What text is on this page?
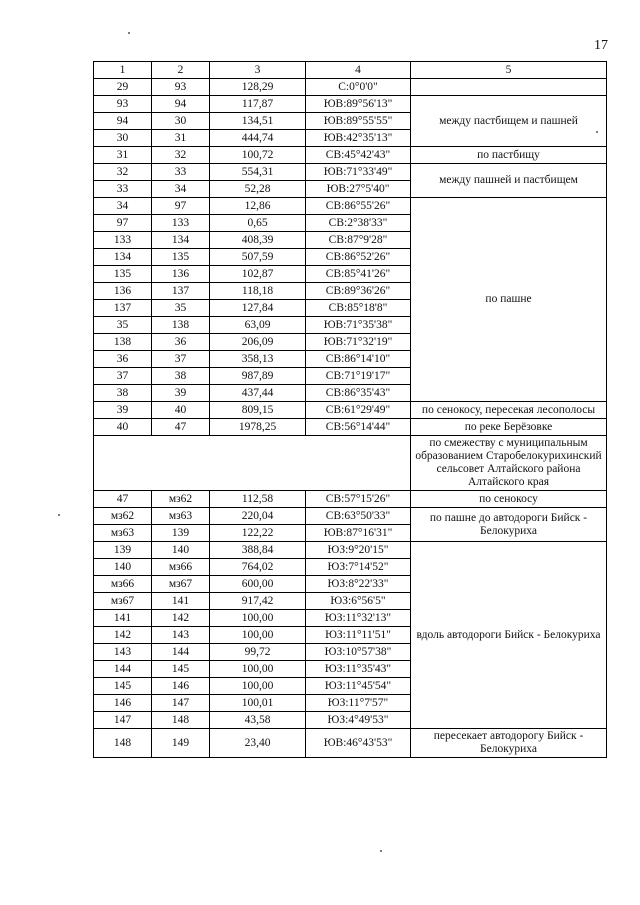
17
1	2	3	4	5
29	93	128,29	С:0°0'0"	
93	94	117,87	ЮВ:89°56'13"	между пастбищем и пашней
94	30	134,51	ЮВ:89°55'55"	
30	31	444,74	ЮВ:42°35'13"	
31	32	100,72	СВ:45°42'43"	по пастбищу
32	33	554,31	ЮВ:71°33'49"	между пашней и пастбищем
33	34	52,28	ЮВ:27°5'40"	
34	97	12,86	СВ:86°55'26"	по пашне
97	133	0,65	СВ:2°38'33"	
133	134	408,39	СВ:87°9'28"	
134	135	507,59	СВ:86°52'26"	
135	136	102,87	СВ:85°41'26"	
136	137	118,18	СВ:89°36'26"	
137	35	127,84	СВ:85°18'8"	
35	138	63,09	ЮВ:71°35'38"	
138	36	206,09	ЮВ:71°32'19"	
36	37	358,13	СВ:86°14'10"	
37	38	987,89	СВ:71°19'17"	
38	39	437,44	СВ:86°35'43"	
39	40	809,15	СВ:61°29'49"	по сенокосу, пересекая лесополосы
40	47	1978,25	СВ:56°14'44"	по реке Берёзовке
				по смежеству с муниципальным образованием Старобелокурихинский сельсовет Алтайского района Алтайского края
47	мз62	112,58	СВ:57°15'26"	по сенокосу
мз62	мз63	220,04	СВ:63°50'33"	по пашне до автодороги Бийск - Белокуриха
мз63	139	122,22	ЮВ:87°16'31"	
139	140	388,84	ЮЗ:9°20'15"	вдоль автодороги Бийск - Белокуриха
140	мз66	764,02	ЮЗ:7°14'52"	
мз66	мз67	600,00	ЮЗ:8°22'33"	
мз67	141	917,42	ЮЗ:6°56'5"	
141	142	100,00	ЮЗ:11°32'13"	
142	143	100,00	ЮЗ:11°11'51"	
143	144	99,72	ЮЗ:10°57'38"	
144	145	100,00	ЮЗ:11°35'43"	
145	146	100,00	ЮЗ:11°45'54"	
146	147	100,01	ЮЗ:11°7'57"	
147	148	43,58	ЮЗ:4°49'53"	
148	149	23,40	ЮВ:46°43'53"	пересекает автодорогу Бийск - Белокуриха
